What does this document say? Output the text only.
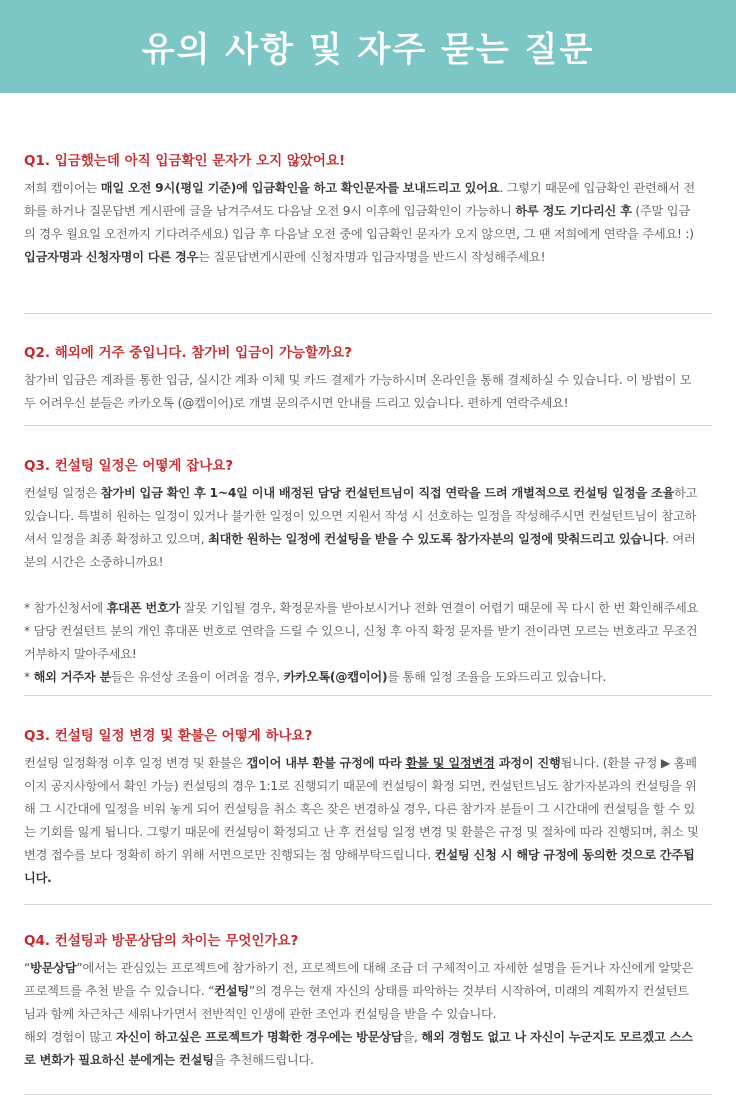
유의 사항 및 자주 묻는 질문
Q1. 입금했는데 아직 입금확인 문자가 오지 않았어요!

저희 캡이어는 매일 오전 9시(평일 기준)에 입금확인을 하고 확인문자를 보내드리고 있어요. 그렇기 때문에 입금확인 관련해서 전

화를 하거나 질문답변 게시판에 글을 남겨주셔도 다음날 오전 9시 이후에 입금확인이 가능하니 하루 정도 기다리신 후 (주말 입금

의 경우 월요일 오전까지 기다려주세요) 입금 후 다음날 오전 중에 입금확인 문자가 오지 않으면, 그 땐 저희에게 연락을 주세요! :)

입금자명과 신청자명이 다른 경우는 질문답변게시판에 신청자명과 입금자명을 반드시 작성해주세요!

Q2. 해외에 거주 중입니다. 참가비 입금이 가능할까요?

참가비 입금은 계좌를 통한 입금, 실시간 계좌 이체 및 카드 결제가 가능하시며 온라인을 통해 결제하실 수 있습니다. 이 방법이 모

두 어려우신 분들은 카카오톡 (@캡이어)로 개별 문의주시면 안내를 드리고 있습니다. 편하게 연락주세요!

Q3. 컨설팅 일정은 어떻게 잡나요?

컨설팅 일정은 참가비 입금 확인 후 1~4일 이내 배정된 담당 컨설턴트님이 직접 연락을 드려 개별적으로 컨설팅 일정을 조율하고

있습니다. 특별히 원하는 일정이 있거나 불가한 일정이 있으면 지원서 작성 시 선호하는 일정을 작성해주시면 컨설턴트님이 참고하

셔서 일정을 최종 확정하고 있으며, 최대한 원하는 일정에 컨설팅을 받을 수 있도록 참가자분의 일정에 맞춰드리고 있습니다. 여러

분의 시간은 소중하니까요!

* 참가신청서에 휴대폰 번호가 잘못 기입될 경우, 확정문자를 받아보시거나 전화 연결이 어렵기 때문에 꼭 다시 한 번 확인해주세요

* 담당 컨설턴트 분의 개인 휴대폰 번호로 연락을 드릴 수 있으니, 신청 후 아직 확정 문자를 받기 전이라면 모르는 번호라고 무조건

거부하지 말아주세요!

* 해외 거주자 분들은 유선상 조율이 어려울 경우, 카카오톡(@캡이어)를 통해 일정 조율을 도와드리고 있습니다.

Q3. 컨설팅 일정 변경 및 환불은 어떻게 하나요?

컨설팅 일정확정 이후 일정 변경 및 환불은 갭이어 내부 환불 규정에 따라 환불 및 일정변경 과정이 진행됩니다. (환불 규정 ▶ 홈페

이지 공지사항에서 확인 가능) 컨설팅의 경우 1:1로 진행되기 때문에 컨설팅이 확정 되면, 컨설턴트님도 참가자분과의 컨설팅을 위

해 그 시간대에 일정을 비워 놓게 되어 컨설팅을 취소 혹은 잦은 변경하실 경우, 다른 참가자 분들이 그 시간대에 컨설팅을 할 수 있

는 기회를 잃게 됩니다. 그렇기 때문에 컨설팅이 확정되고 난 후 컨설팅 일정 변경 및 환불은 규정 및 절차에 따라 진행되며, 취소 및

변경 접수를 보다 정확히 하기 위해 서면으로만 진행되는 점 양해부탁드립니다. 컨설팅 신청 시 해당 규정에 동의한 것으로 간주됩

니다.

Q4. 컨설팅과 방문상담의 차이는 무엇인가요?

“방문상담”에서는 관심있는 프로젝트에 참가하기 전, 프로젝트에 대해 조금 더 구체적이고 자세한 설명을 듣거나 자신에게 알맞은

프로젝트를 추천 받을 수 있습니다. “컨설팅”의 경우는 현재 자신의 상태를 파악하는 것부터 시작하여, 미래의 계획까지 컨설턴트

님과 함께 차근차근 세워나가면서 전반적인 인생에 관한 조언과 컨설팅을 받을 수 있습니다.

해외 경험이 많고 자신이 하고싶은 프로젝트가 명확한 경우에는 방문상담을, 해외 경험도 없고 나 자신이 누군지도 모르겠고 스스

로 변화가 필요하신 분에게는 컨설팅을 추천해드립니다.
